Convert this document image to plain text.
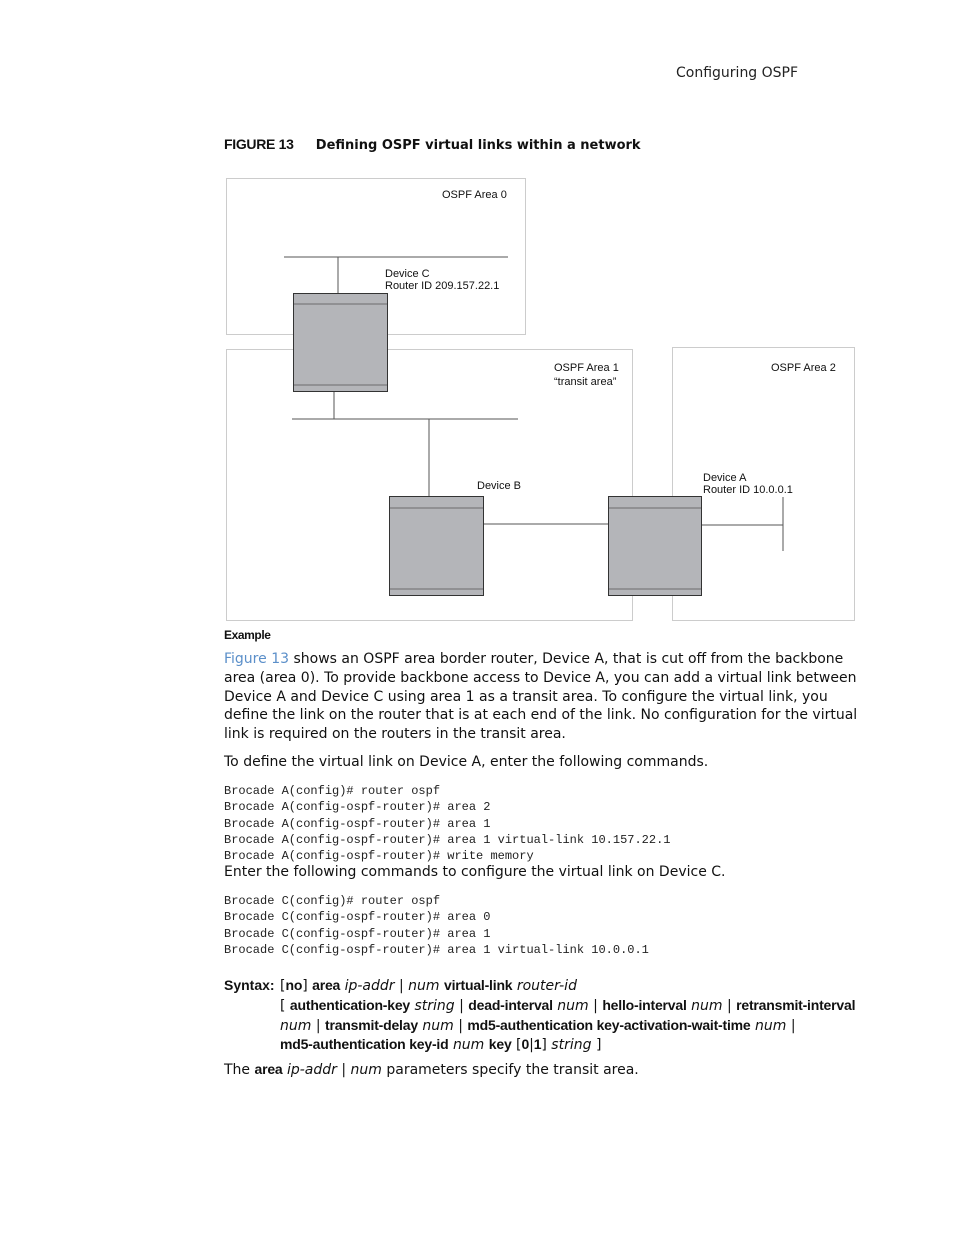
Configuring OSPF
FIGURE 13 Defining OSPF virtual links within a network
OSPF Area 0
Device C
Router ID 209.157.22.1
OSPF Area 1
“transit area”
OSPF Area 2
Device B
Device A
Router ID 10.0.0.1
Example

Figure 13 shows an OSPF area border router, Device A, that is cut off from the backbone area (area 0). To provide backbone access to Device A, you can add a virtual link between Device A and Device C using area 1 as a transit area. To configure the virtual link, you define the link on the router that is at each end of the link. No configuration for the virtual link is required on the routers in the transit area.

To define the virtual link on Device A, enter the following commands.

Brocade A(config)# router ospf
Brocade A(config-ospf-router)# area 2
Brocade A(config-ospf-router)# area 1
Brocade A(config-ospf-router)# area 1 virtual-link 10.157.22.1
Brocade A(config-ospf-router)# write memory

Enter the following commands to configure the virtual link on Device C.

Brocade C(config)# router ospf
Brocade C(config-ospf-router)# area 0
Brocade C(config-ospf-router)# area 1
Brocade C(config-ospf-router)# area 1 virtual-link 10.0.0.1
Syntax: [no] area ip-addr | num virtual-link router-id
[ authentication-key string | dead-interval num | hello-interval num | retransmit-interval
num | transmit-delay num | md5-authentication key-activation-wait-time num |
md5-authentication key-id num key [0|1] string ]

The area ip-addr | num parameters specify the transit area.
